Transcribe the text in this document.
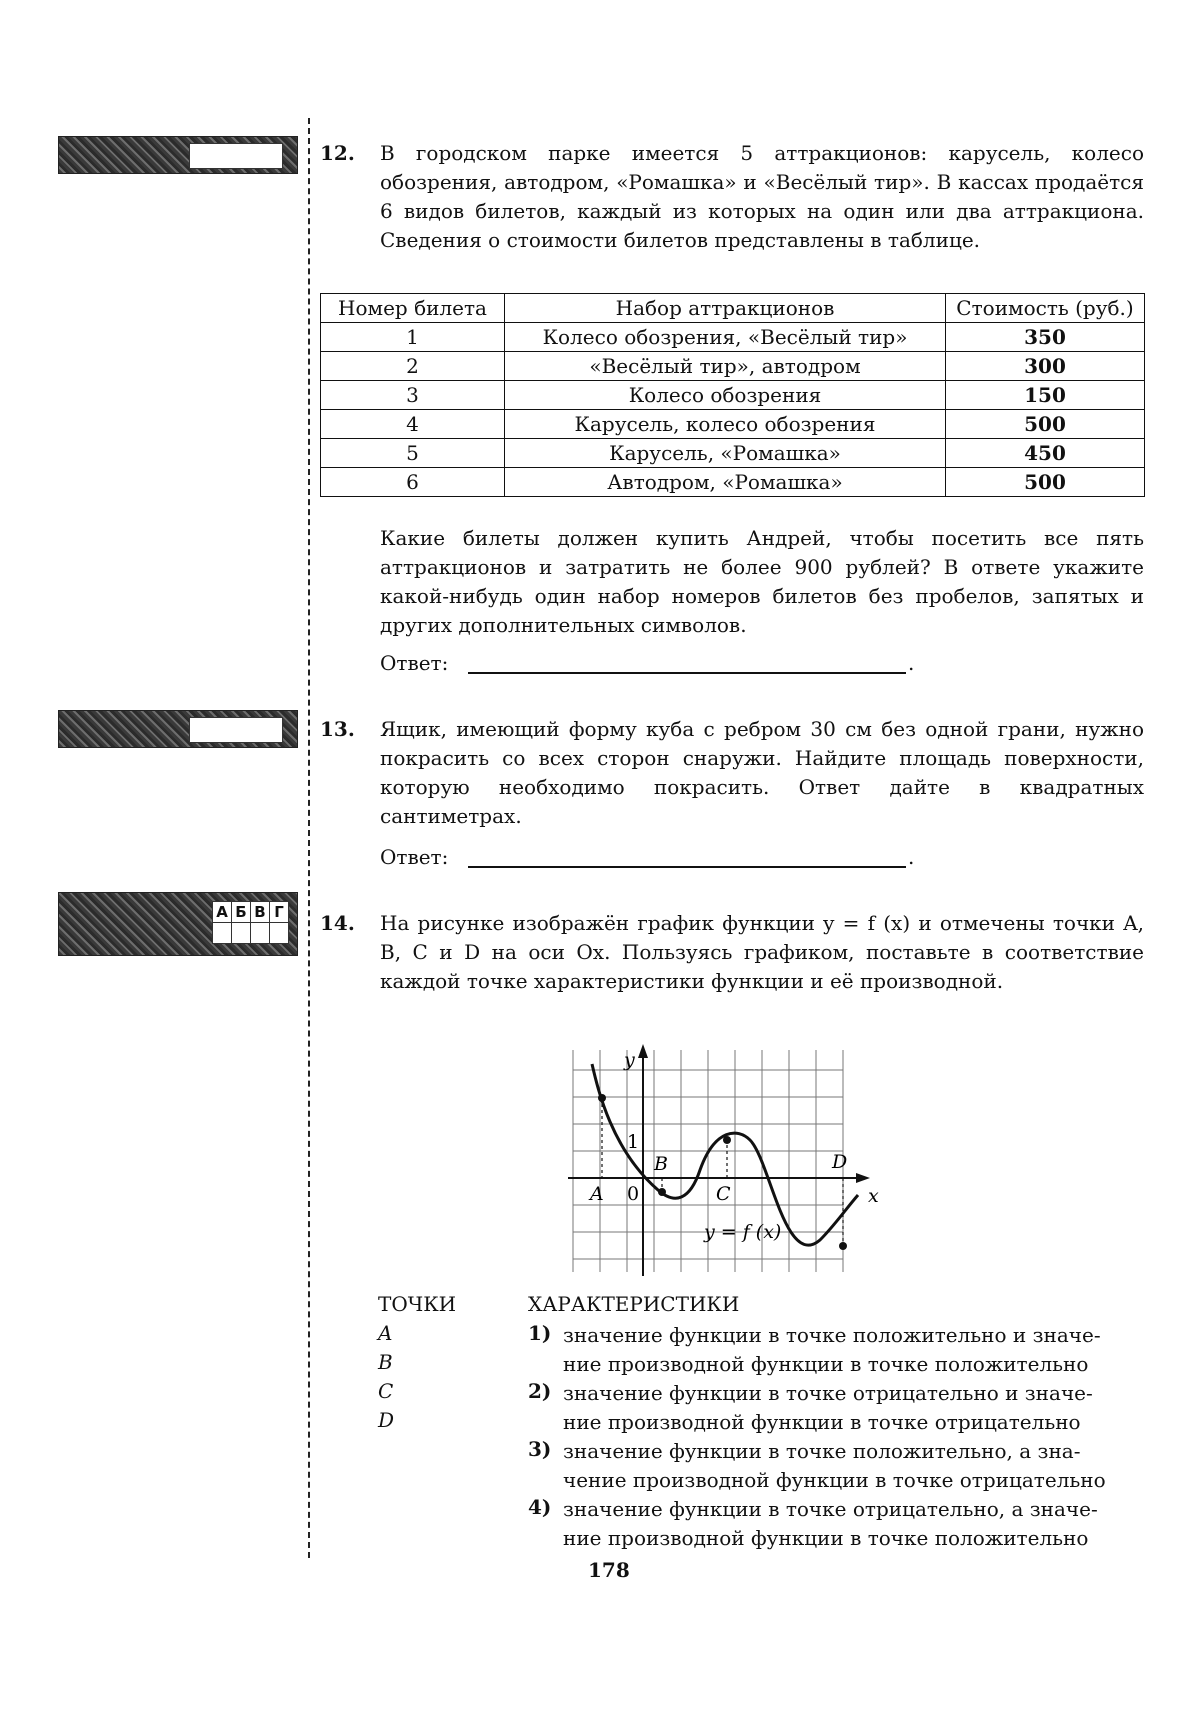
12. В городском парке имеется 5 аттракционов: карусель, колесо обозрения, автодром, «Ромашка» и «Весёлый тир». В кассах продаётся 6 видов билетов, каждый из которых на один или два аттракциона. Сведения о стоимости билетов представлены в таблице.

Номер билета	Набор аттракционов	Стоимость (руб.)
1	Колесо обозрения, «Весёлый тир»	350
2	«Весёлый тир», автодром	300
3	Колесо обозрения	150
4	Карусель, колесо обозрения	500
5	Карусель, «Ромашка»	450
6	Автодром, «Ромашка»	500

Какие билеты должен купить Андрей, чтобы посетить все пять аттракционов и затратить не более 900 рублей? В ответе укажите какой-нибудь один набор номеров билетов без пробелов, запятых и других дополнительных символов.

Ответ:	.
13. Ящик, имеющий форму куба с ребром 30 см без одной грани, нужно покрасить со всех сторон снаружи. Найдите площадь поверхности, которую необходимо покрасить. Ответ дайте в квадратных сантиметрах.

Ответ:	.
А	Б	В	Г
			14. На рисунке изображён график функции y = f (x) и отмечены точки A, B, C и D на оси Ox. Пользуясь графиком, поставьте в соответствие каждой точке характеристики функции и её производной.

y
x
0
1
A
B
C
D
y = f (x)
ТОЧКИ	ХАРАКТЕРИСТИКИ
A
B
C
D
1) значение функции в точке положительно и значе-
ние производной функции в точке положительно

2) значение функции в точке отрицательно и значе-
ние производной функции в точке отрицательно

3) значение функции в точке положительно, а зна-
чение производной функции в точке отрицательно

4) значение функции в точке отрицательно, а значе-
ние производной функции в точке положительно

178
